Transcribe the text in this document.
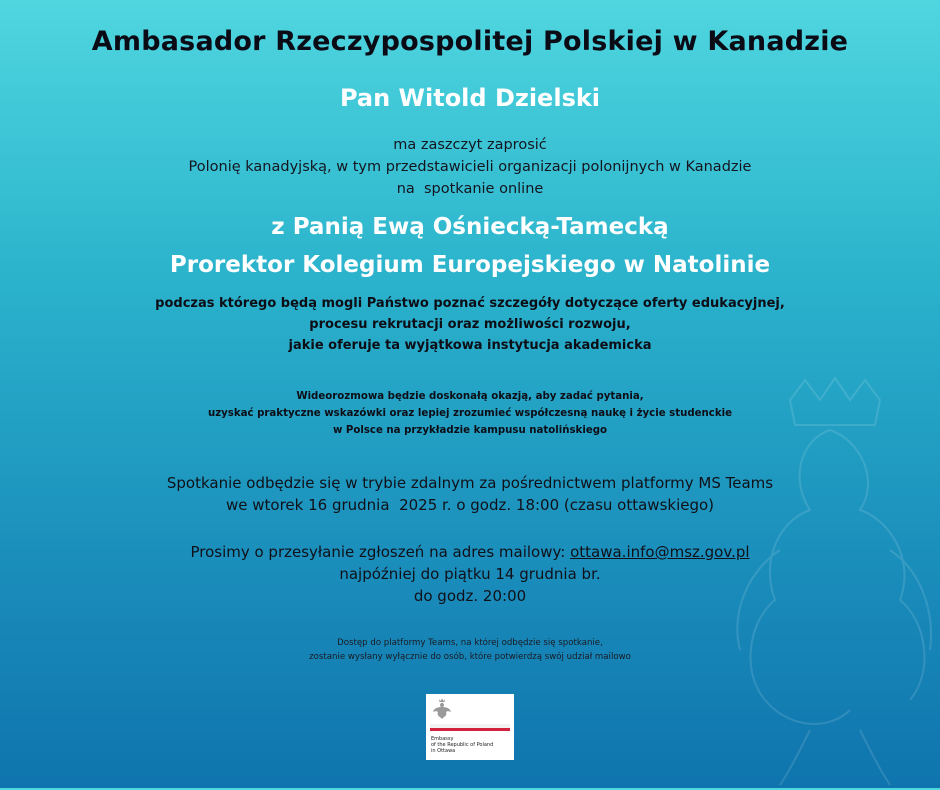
Ambasador Rzeczypospolitej Polskiej w Kanadzie
Pan Witold Dzielski
ma zaszczyt zaprosić
Polonię kanadyjską, w tym przedstawicieli organizacji polonijnych w Kanadzie
na  spotkanie online
z Panią Ewą Ośniecką-Tamecką
Prorektor Kolegium Europejskiego w Natolinie
podczas którego będą mogli Państwo poznać szczegóły dotyczące oferty edukacyjnej,
procesu rekrutacji oraz możliwości rozwoju,
jakie oferuje ta wyjątkowa instytucja akademicka
Wideorozmowa będzie doskonałą okazją, aby zadać pytania,
uzyskać praktyczne wskazówki oraz lepiej zrozumieć współczesną naukę i życie studenckie
w Polsce na przykładzie kampusu natolińskiego
Spotkanie odbędzie się w trybie zdalnym za pośrednictwem platformy MS Teams
we wtorek 16 grudnia  2025 r. o godz. 18:00 (czasu ottawskiego)
Prosimy o przesyłanie zgłoszeń na adres mailowy: ottawa.info@msz.gov.pl
najpóźniej do piątku 14 grudnia br.
do godz. 20:00
Dostęp do platformy Teams, na której odbędzie się spotkanie,
zostanie wysłany wyłącznie do osób, które potwierdzą swój udział mailowo
Embassy
of the Republic of Poland
in Ottawa
